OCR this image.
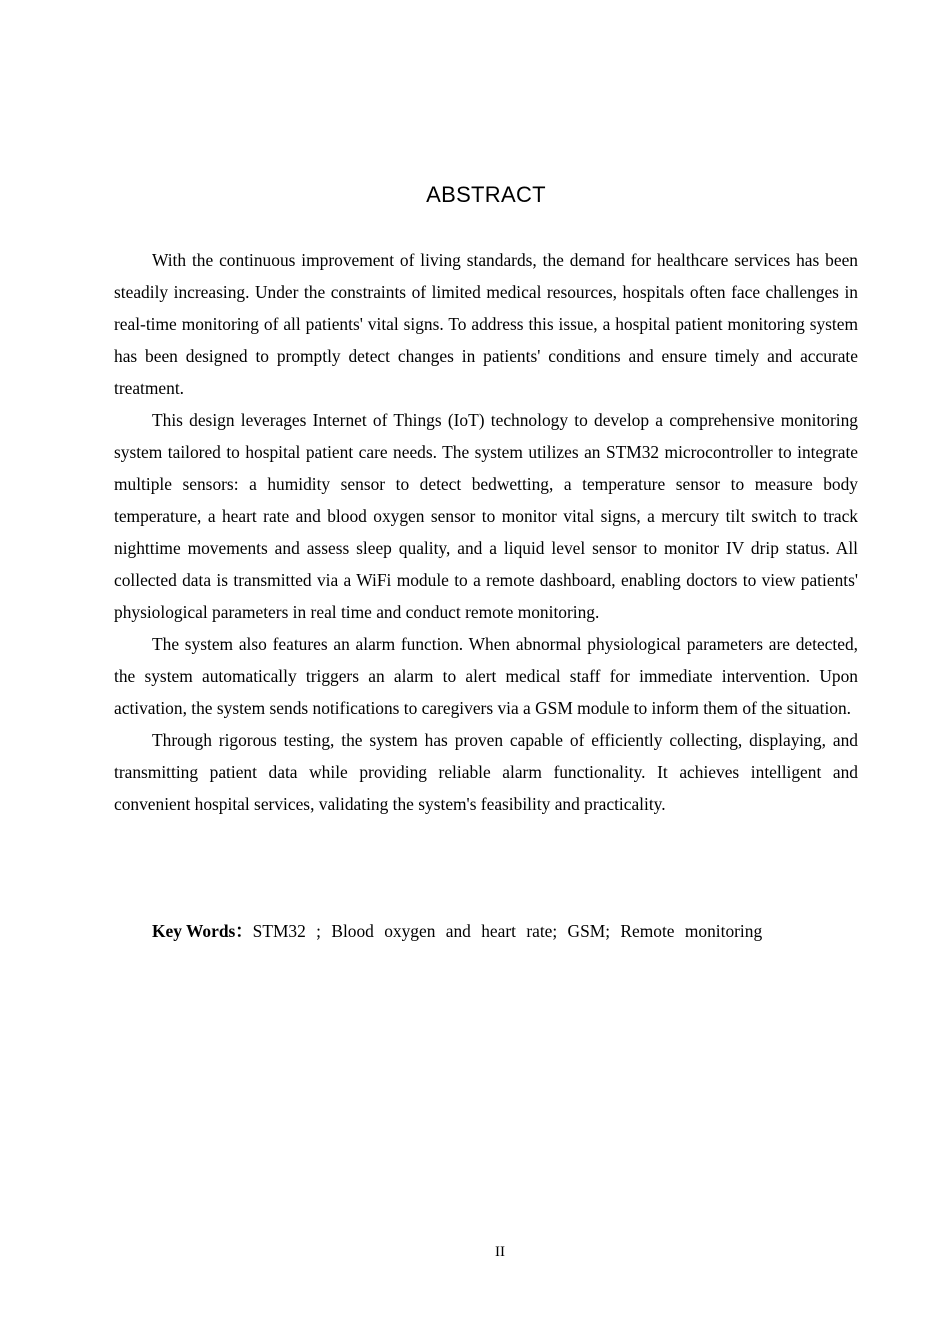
ABSTRACT

With the continuous improvement of living standards, the demand for healthcare services has been steadily increasing. Under the constraints of limited medical resources, hospitals often face challenges in real-time monitoring of all patients' vital signs. To address this issue, a hospital patient monitoring system has been designed to promptly detect changes in patients' conditions and ensure timely and accurate treatment.

This design leverages Internet of Things (IoT) technology to develop a comprehensive monitoring system tailored to hospital patient care needs. The system utilizes an STM32 microcontroller to integrate multiple sensors: a humidity sensor to detect bedwetting, a temperature sensor to measure body temperature, a heart rate and blood oxygen sensor to monitor vital signs, a mercury tilt switch to track nighttime movements and assess sleep quality, and a liquid level sensor to monitor IV drip status. All collected data is transmitted via a WiFi module to a remote dashboard, enabling doctors to view patients' physiological parameters in real time and conduct remote monitoring.

The system also features an alarm function. When abnormal physiological parameters are detected, the system automatically triggers an alarm to alert medical staff for immediate intervention. Upon activation, the system sends notifications to caregivers via a GSM module to inform them of the situation.

Through rigorous testing, the system has proven capable of efficiently collecting, displaying, and transmitting patient data while providing reliable alarm functionality. It achieves intelligent and convenient hospital services, validating the system's feasibility and practicality.

Key Words：STM32 ; Blood oxygen and heart rate; GSM; Remote monitoring
II
